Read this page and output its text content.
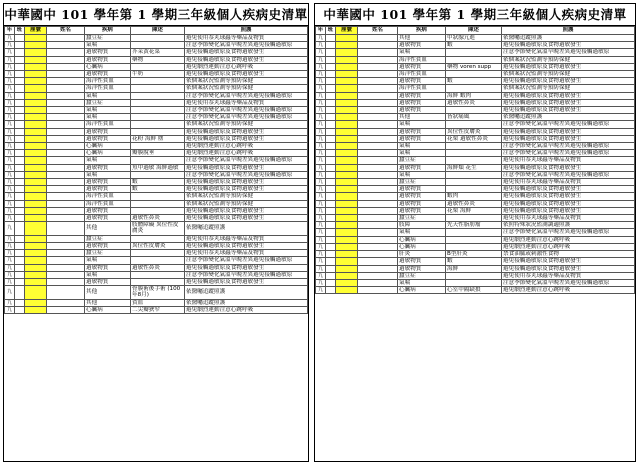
中華國中 101 學年第 1 學期三年級個人疾病史清單
年	班	座號	姓名	疾病	陳述	照護
九				蠶豆症		避免使用萘丸球蟲等藥品及物質
九				氣喘		注意季節變化氣溫早晚差異避免接觸過敏原
九				過敏物質	芥茉黃花菜	避免接觸過敏原及食物過敏發生
九				過敏物質	藥物	避免接觸過敏原及食物過敏發生
九				心臟病		避免劇烈運動注意心跳呼吸
九				過敏物質	牛奶	避免接觸過敏原及食物過敏發生
九				海洋性貧血		依個案狀況監測等預防保健
九				海洋性貧血		依個案狀況監測等預防保健
九				氣喘		注意季節變化氣溫早晚差異避免接觸過敏原
九				蠶豆症		避免使用萘丸球蟲等藥品及物質
九				氣喘		注意季節變化氣溫早晚差異避免接觸過敏原
九				氣喘		注意季節變化氣溫早晚差異避免接觸過敏原
九				海洋性貧血		依個案狀況監測等預防保健
九				過敏物質		避免接觸過敏原及食物過敏發生
九				過敏物質	花粉 海鮮 塵	避免接觸過敏原及食物過敏發生
九				心臟病		避免劇烈運動注意心跳呼吸
九				心臟病	瓣膜脫垂	避免劇烈運動注意心跳呼吸
九				氣喘		注意季節變化氣溫早晚差異避免接觸過敏原
九				過敏物質	魚甲過敏 海鮮過敏	避免接觸過敏原及食物過敏發生
九				氣喘		注意季節變化氣溫早晚差異避免接觸過敏原
九				過敏物質	蝦	避免接觸過敏原及食物過敏發生
九				過敏物質	蝦	避免接觸過敏原及食物過敏發生
九				海洋性貧血		依個案狀況監測等預防保健
九				海洋性貧血		依個案狀況監測等預防保健
九				過敏物質		避免接觸過敏原及食物過敏發生
九				過敏物質	過敏性鼻炎	避免接觸過敏原及食物過敏發生
九				其他	肢體障礙 異位性皮膚炎	依醫囑追蹤照護
九				蠶豆症		避免使用萘丸球蟲等藥品及物質
九				過敏物質	異位性皮膚炎	避免接觸過敏原及食物過敏發生
九				蠶豆症		避免使用萘丸球蟲等藥品及物質
九				氣喘		注意季節變化氣溫早晚差異避免接觸過敏原
九				過敏物質	過敏性鼻炎	避免接觸過敏原及食物過敏發生
九				氣喘		注意季節變化氣溫早晚差異避免接觸過敏原
九				過敏物質		避免接觸過敏原及食物過敏發生
九				其他	骨膜術後手術 (100年8月)	依醫囑追蹤照護
九				其他	貧血	依醫囑追蹤照護
九				心臟病	二尖瓣狹窄	避免劇烈運動注意心跳呼吸
中華國中 101 學年第 1 學期三年級個人疾病史清單
年	班	座號	姓名	疾病	陳述	照護
九				其他	甲狀腺亢進	依醫囑追蹤照護
九				過敏物質	蝦	避免接觸過敏原及食物過敏發生
九				氣喘		注意季節變化氣溫早晚差異避免接觸過敏原
九				海洋性貧血		依個案狀況監測等預防保健
九				過敏物質	藥物 voren supp	避免接觸過敏原及食物過敏發生
九				海洋性貧血		依個案狀況監測等預防保健
九				過敏物質	蝦	避免接觸過敏原及食物過敏發生
九				海洋性貧血		依個案狀況監測等預防保健
九				過敏物質	海鮮 蝦肉	避免接觸過敏原及食物過敏發生
九				過敏物質	過敏性鼻炎	避免接觸過敏原及食物過敏發生
九				過敏物質		避免接觸過敏原及食物過敏發生
九				其他	皆狀痛風	依醫囑追蹤照護
九				氣喘		注意季節變化氣溫早晚差異避免接觸過敏原
九				過敏物質	異位性皮膚炎	避免接觸過敏原及食物過敏發生
九				過敏物質	花栗 過敏性鼻炎	避免接觸過敏原及食物過敏發生
九				氣喘		注意季節變化氣溫早晚差異避免接觸過敏原
九				氣喘		注意季節變化氣溫早晚差異避免接觸過敏原
九				蠶豆症		避免使用萘丸球蟲等藥品及物質
九				過敏物質	海鮮類 花生	避免接觸過敏原及食物過敏發生
九				氣喘		注意季節變化氣溫早晚差異避免接觸過敏原
九				蠶豆症		避免使用萘丸球蟲等藥品及物質
九				過敏物質		避免接觸過敏原及食物過敏發生
九				過敏物質	蝦肉	避免接觸過敏原及食物過敏發生
九				過敏物質	過敏性鼻炎	避免接觸過敏原及食物過敏發生
九				過敏物質	花栗 海鮮	避免接觸過敏原及食物過敏發生
九				蠶豆症		避免使用萘丸球蟲等藥品及物質
九				肢障	先天性脂肪瘤	依照特殊狀況監測調適照護
九				氣喘		注意季節變化氣溫早晚差異避免接觸過敏原
九				心臟病		避免劇烈運動注意心跳呼吸
九				心臟病		避免劇烈運動注意心跳呼吸
九				肝炎	B型肝炎	禁食油膩或刺激性食物
九				過敏物質	蝦	避免接觸過敏原及食物過敏發生
九				過敏物質	海鮮	避免接觸過敏原及食物過敏發生
九				蠶豆症		避免使用萘丸球蟲等藥品及物質
九				氣喘		注意季節變化氣溫早晚差異避免接觸過敏原
九				心臟病	心室中隔缺損	避免劇烈運動注意心跳呼吸
